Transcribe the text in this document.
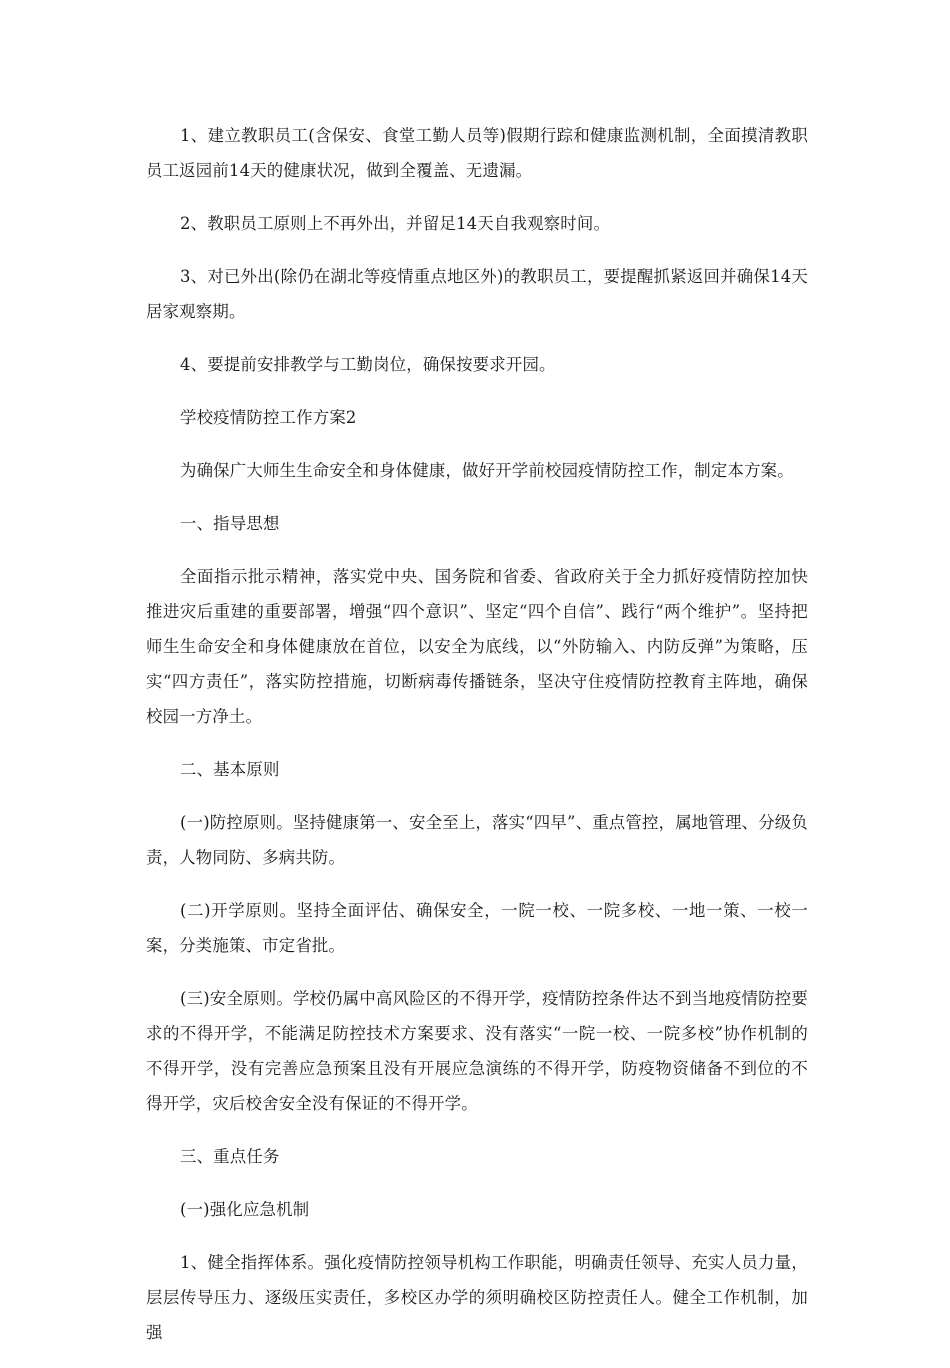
1、建立教职员工(含保安、食堂工勤人员等)假期行踪和健康监测机制，全面摸清教职员工返园前14天的健康状况，做到全覆盖、无遗漏。

2、教职员工原则上不再外出，并留足14天自我观察时间。

3、对已外出(除仍在湖北等疫情重点地区外)的教职员工，要提醒抓紧返回并确保14天居家观察期。

4、要提前安排教学与工勤岗位，确保按要求开园。

学校疫情防控工作方案2

为确保广大师生生命安全和身体健康，做好开学前校园疫情防控工作，制定本方案。

一、指导思想

全面指示批示精神，落实党中央、国务院和省委、省政府关于全力抓好疫情防控加快推进灾后重建的重要部署，增强“四个意识”、坚定“四个自信”、践行“两个维护”。坚持把师生生命安全和身体健康放在首位，以安全为底线，以“外防输入、内防反弹”为策略，压实“四方责任”，落实防控措施，切断病毒传播链条，坚决守住疫情防控教育主阵地，确保校园一方净土。

二、基本原则

(一)防控原则。坚持健康第一、安全至上，落实“四早”、重点管控，属地管理、分级负责，人物同防、多病共防。

(二)开学原则。坚持全面评估、确保安全，一院一校、一院多校、一地一策、一校一案，分类施策、市定省批。

(三)安全原则。学校仍属中高风险区的不得开学，疫情防控条件达不到当地疫情防控要求的不得开学，不能满足防控技术方案要求、没有落实“一院一校、一院多校”协作机制的不得开学，没有完善应急预案且没有开展应急演练的不得开学，防疫物资储备不到位的不得开学，灾后校舍安全没有保证的不得开学。

三、重点任务

(一)强化应急机制

1、健全指挥体系。强化疫情防控领导机构工作职能，明确责任领导、充实人员力量，层层传导压力、逐级压实责任，多校区办学的须明确校区防控责任人。健全工作机制，加强
